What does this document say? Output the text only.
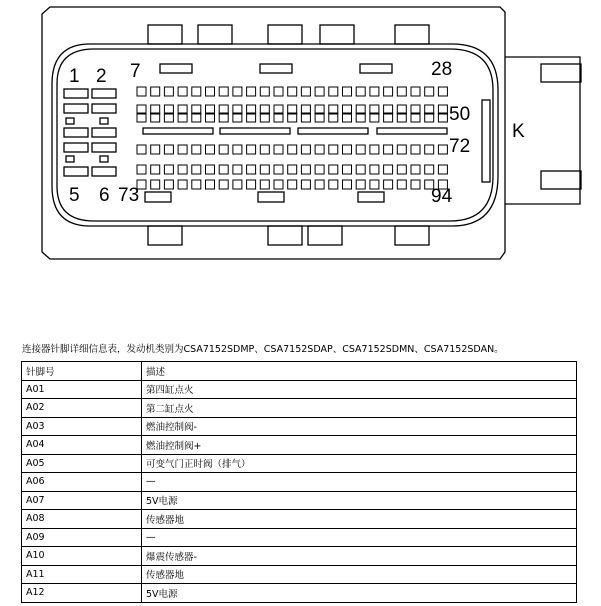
1 2 7	28
50
72
94
5 6 73
K
连接器针脚详细信息表，发动机类别为CSA7152SDMP、CSA7152SDAP、CSA7152SDMN、CSA7152SDAN。
针脚号	描述
A01	第四缸点火
A02	第二缸点火
A03	燃油控制阀-
A04	燃油控制阀+
A05	可变气门正时阀（排气）
A06	—
A07	5V电源
A08	传感器地
A09	—
A10	爆震传感器-
A11	传感器地
A12	5V电源
